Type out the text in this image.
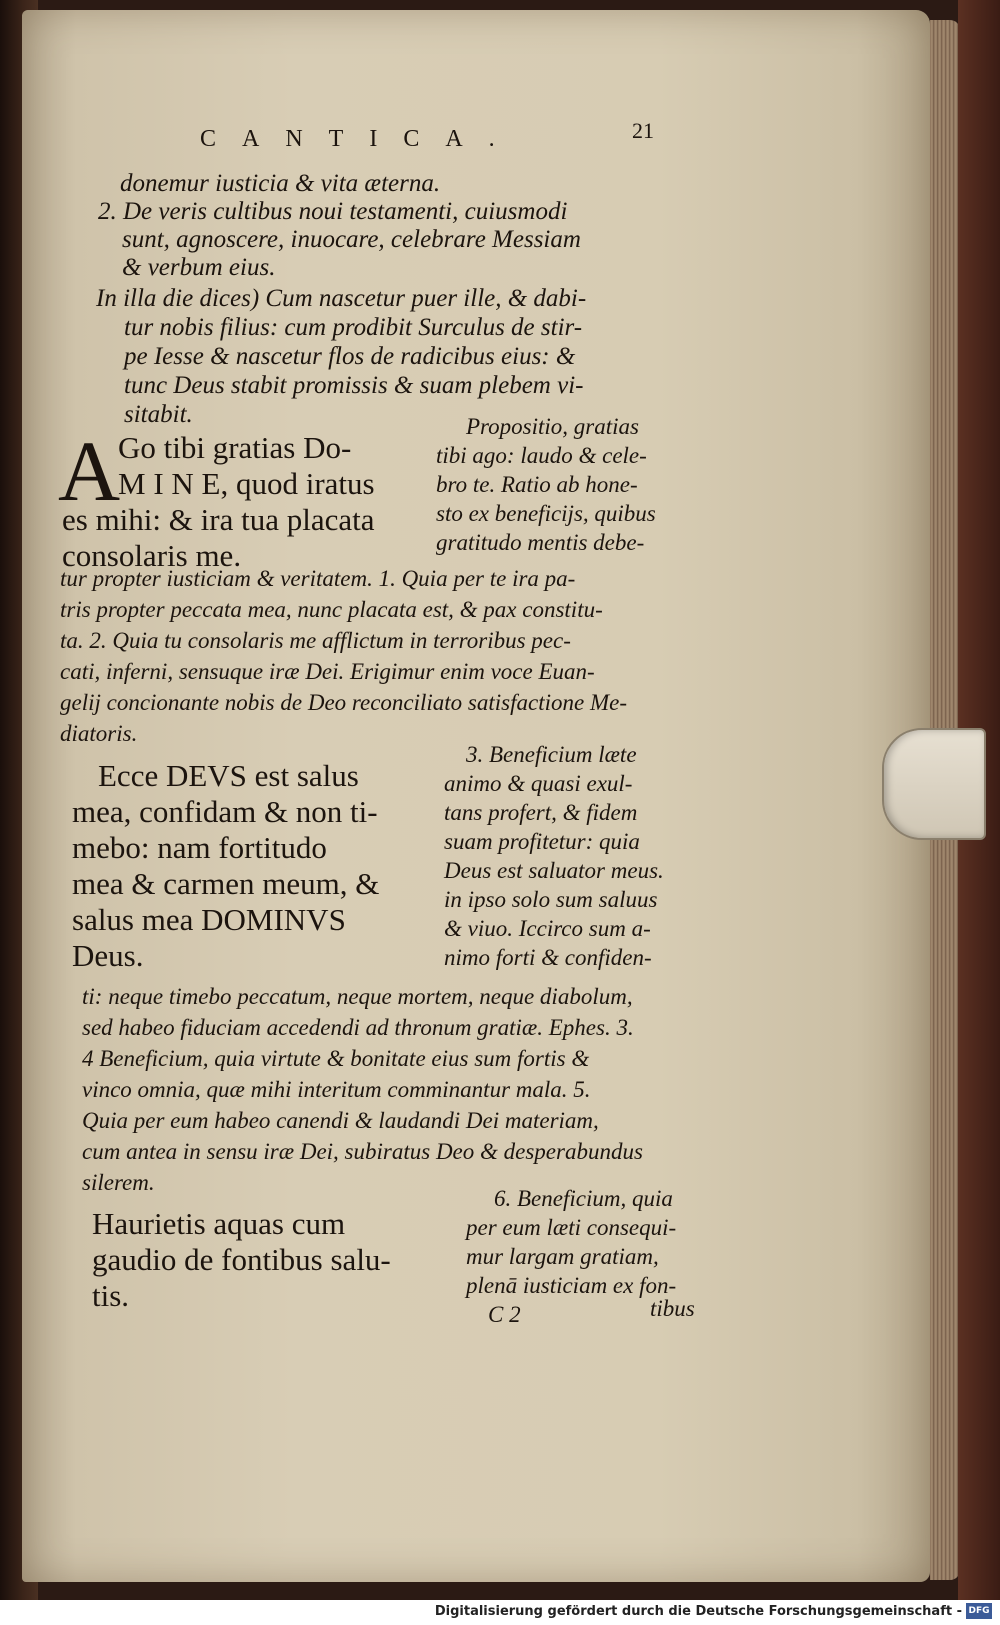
CANTICA.	21
donemur iusticia & vita æterna.
2. De veris cultibus noui testamenti, cuiusmodi
sunt, agnoscere, inuocare, celebrare Messiam
& verbum eius.
In illa die dices) Cum nascetur puer ille, & dabi-
tur nobis filius: cum prodibit Surculus de stir-
pe Iesse & nascetur flos de radicibus eius: &
tunc Deus stabit promissis & suam plebem vi-
sitabit.
A
Go tibi gratias Do-
M I N E, quod iratus
es mihi: & ira tua placata
consolaris me.
Propositio, gratias
tibi ago: laudo & cele-
bro te. Ratio ab hone-
sto ex beneficijs, quibus
gratitudo mentis debe-
tur propter iusticiam & veritatem. 1. Quia per te ira pa-
tris propter peccata mea, nunc placata est, & pax constitu-
ta. 2. Quia tu consolaris me afflictum in terroribus pec-
cati, inferni, sensuque iræ Dei. Erigimur enim voce Euan-
gelij concionante nobis de Deo reconciliato satisfactione Me-
diatoris.
Ecce DEVS est salus
mea, confidam & non ti-
mebo: nam fortitudo
mea & carmen meum, &
salus mea DOMINVS
Deus.
3. Beneficium læte
animo & quasi exul-
tans profert, & fidem
suam profitetur: quia
Deus est saluator meus.
in ipso solo sum saluus
& viuo. Iccirco sum a-
nimo forti & confiden-
ti: neque timebo peccatum, neque mortem, neque diabolum,
sed habeo fiduciam accedendi ad thronum gratiæ. Ephes. 3.
4 Beneficium, quia virtute & bonitate eius sum fortis &
vinco omnia, quæ mihi interitum comminantur mala. 5.
Quia per eum habeo canendi & laudandi Dei materiam,
cum antea in sensu iræ Dei, subiratus Deo & desperabundus
silerem.
Haurietis aquas cum
gaudio de fontibus salu-
tis.
6. Beneficium, quia
per eum læti consequi-
mur largam gratiam,
plenā iusticiam ex fon-
C 2	tibus
Digitalisierung gefördert durch die Deutsche Forschungsgemeinschaft - DFG
